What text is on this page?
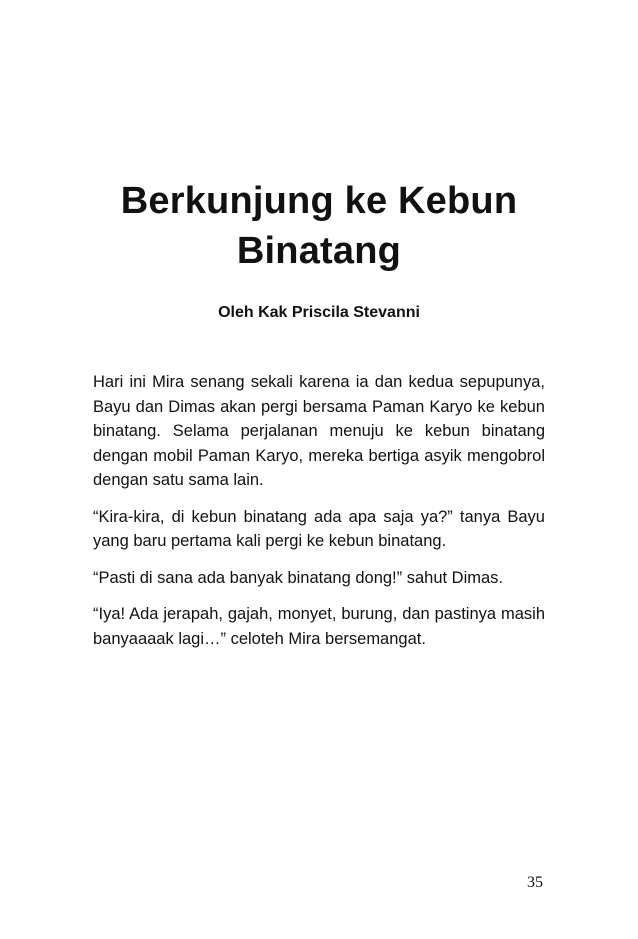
Berkunjung ke Kebun Binatang
Oleh Kak Priscila Stevanni

Hari ini Mira senang sekali karena ia dan kedua sepupunya, Bayu dan Dimas akan pergi bersama Paman Karyo ke kebun binatang. Selama perjalanan menuju ke kebun binatang dengan mobil Paman Karyo, mereka bertiga asyik mengobrol dengan satu sama lain.

“Kira-kira, di kebun binatang ada apa saja ya?” tanya Bayu yang baru pertama kali pergi ke kebun binatang.

“Pasti di sana ada banyak binatang dong!” sahut Dimas.

“Iya! Ada jerapah, gajah, monyet, burung, dan pastinya masih banyaaaak lagi…” celoteh Mira bersemangat.

35
